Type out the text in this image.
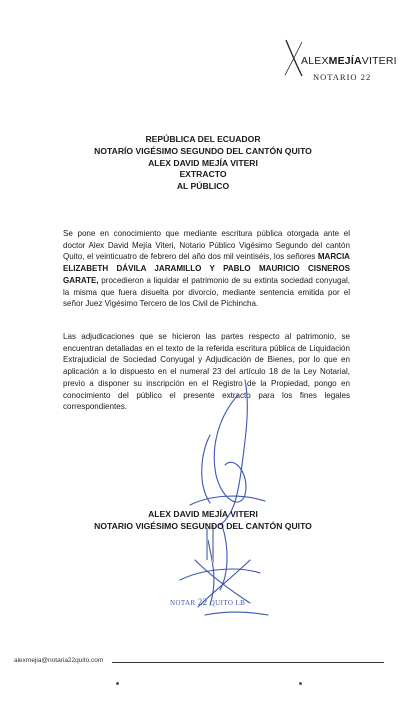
ALEXMEJÍAVITERI
NOTARIO 22
REPÚBLICA DEL ECUADOR
NOTARÍO VIGÉSIMO SEGUNDO DEL CANTÓN QUITO
ALEX DAVID MEJÍA VITERI
EXTRACTO
AL PÚBLICO
Se pone en conocimiento que mediante escritura pública otorgada ante el doctor Alex David Mejía Viteri, Notario Público Vigésimo Segundo del cantón Quito, el veinticuatro de febrero del año dos mil veintiséis, los señores MARCIA ELIZABETH DÁVILA JARAMILLO Y PABLO MAURICIO CISNEROS GARATE, procedieron a liquidar el patrimonio de su extinta sociedad conyugal, la misma que fuera disuelta por divorcio, mediante sentencia emitida por el señor Juez Vigésimo Tercero de los Civil de Pichincha.
Las adjudicaciones que se hicieron las partes respecto al patrimonio, se encuentran detalladas en el texto de la referida escritura pública de Liquidación Extrajudicial de Sociedad Conyugal y Adjudicación de Bienes, por lo que en aplicación a lo dispuesto en el numeral 23 del artículo 18 de la Ley Notarial, previo a disponer su inscripción en el Registro de la Propiedad, pongo en conocimiento del público el presente extracto para los fines legales correspondientes.
ALEX DAVID MEJÍA VITERI
NOTARIO VIGÉSIMO SEGUNDO DEL CANTÓN QUITO
NOTAR 22 QUITO LB
alexmejia@notaria22quito.com
